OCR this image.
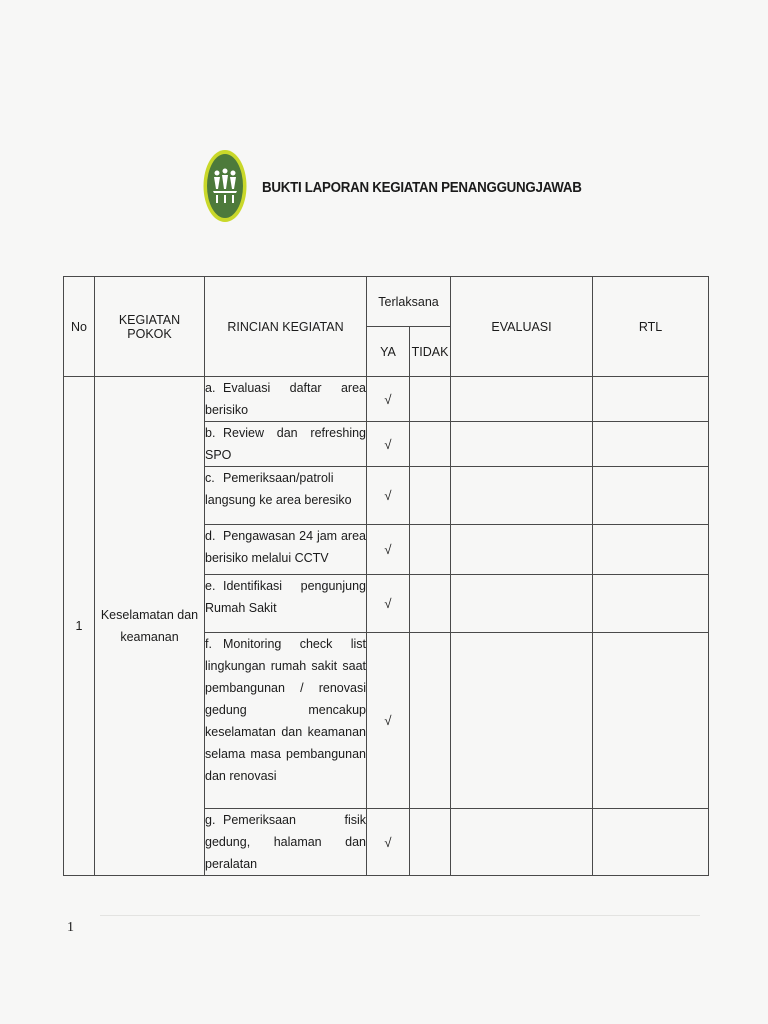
BUKTI LAPORAN KEGIATAN PENANGGUNGJAWAB
No	KEGIATAN POKOK	RINCIAN KEGIATAN	Terlaksana		EVALUASI	RTL
			YA	TIDAK		
1	Keselamatan dan keamanan	a. Evaluasi daftar area berisiko	√			
		b. Review dan refreshing SPO	√			
		c. Pemeriksaan/patroli langsung ke area beresiko	√			
		d. Pengawasan 24 jam area berisiko melalui CCTV	√			
		e. Identifikasi pengunjung Rumah Sakit	√			
		f. Monitoring check list lingkungan rumah sakit saat pembangunan / renovasi gedung mencakup keselamatan dan keamanan selama masa pembangunan dan renovasi	√			
		g. Pemeriksaan fisik gedung, halaman dan peralatan	√			
1
